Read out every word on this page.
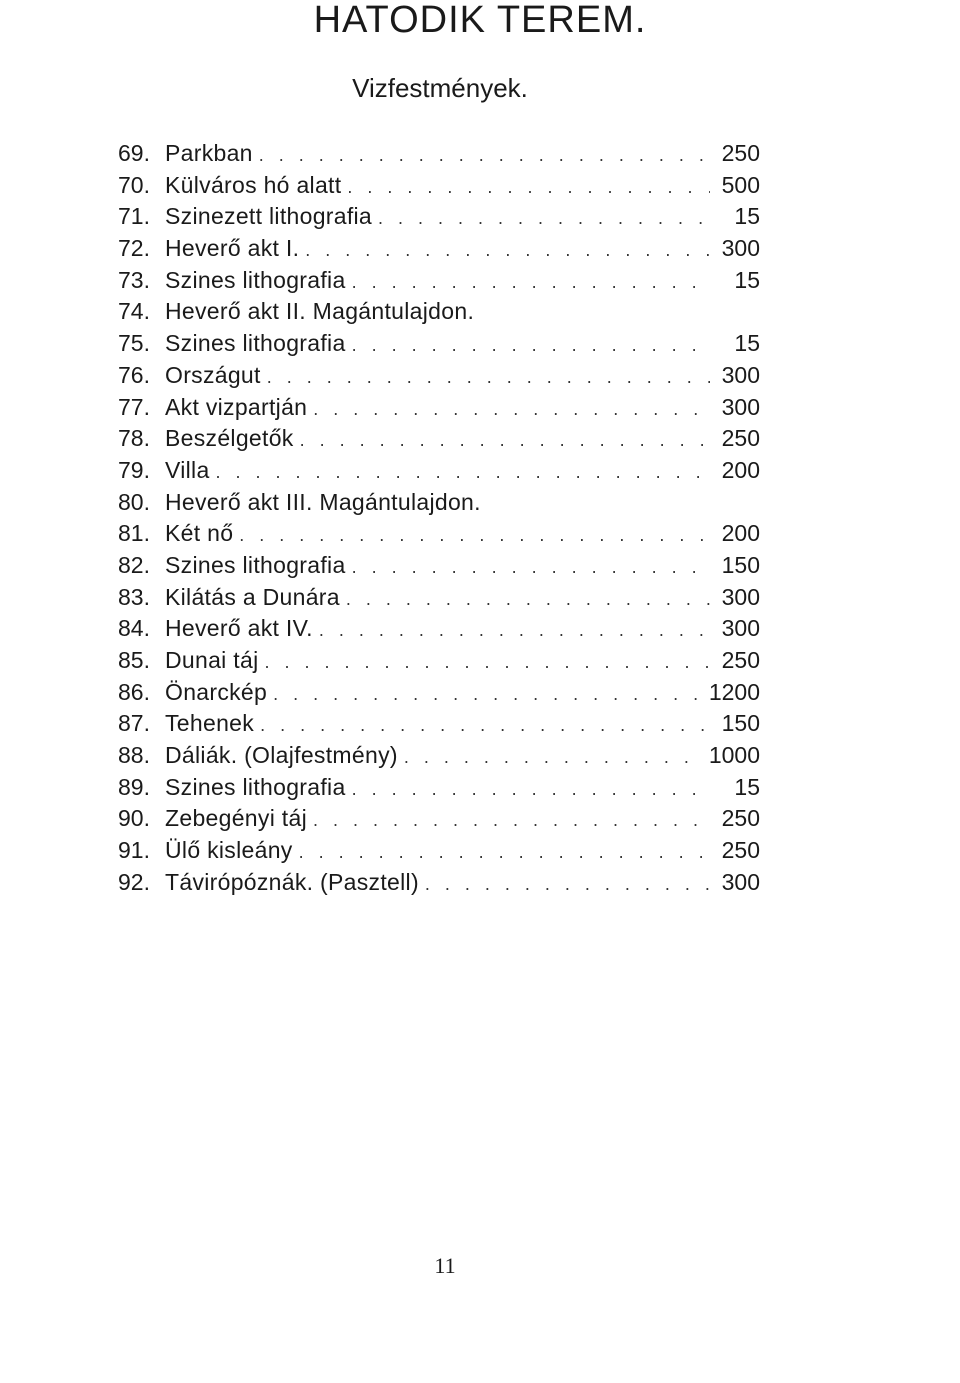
HATODIK TEREM.
Vizfestmények.
69. Parkban . . .	250
70. Külváros hó alatt . . .	500
71. Szinezett lithografia . . .	15
72. Heverő akt I. . . .	300
73. Szines lithografia . . .	15
74. Heverő akt II. Magántulajdon.
75. Szines lithografia . . .	15
76. Országut . . .	300
77. Akt vizpartján . . .	300
78. Beszélgetők . . .	250
79. Villa . . .	200
80. Heverő akt III. Magántulajdon.
81. Két nő . . .	200
82. Szines lithografia . . .	150
83. Kilátás a Dunára . . .	300
84. Heverő akt IV. . . .	300
85. Dunai táj . . .	250
86. Önarckép . . .	1200
87. Tehenek . . .	150
88. Dáliák. (Olajfestmény) . . .	1000
89. Szines lithografia . . .	15
90. Zebegényi táj . . .	250
91. Ülő kisleány . . .	250
92. Távirópóznák. (Pasztell) . . .	300
11
